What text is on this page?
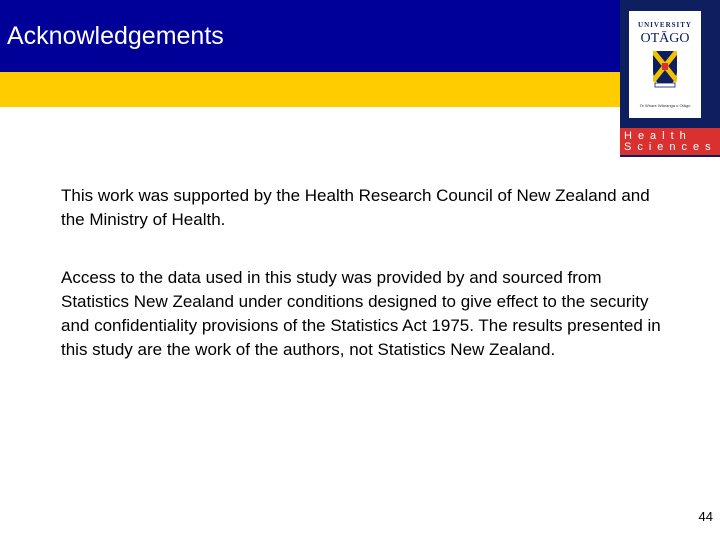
Acknowledgements	UNIVERSITY
OTĀGO
Te Whare Wānanga o Otāgo
Health
Sciences
This work was supported by the Health Research Council of New Zealand and the Ministry of Health.
Access to the data used in this study was provided by and sourced from Statistics New Zealand under conditions designed to give effect to the security and confidentiality provisions of the Statistics Act 1975. The results presented in this study are the work of the authors, not Statistics New Zealand.
44
